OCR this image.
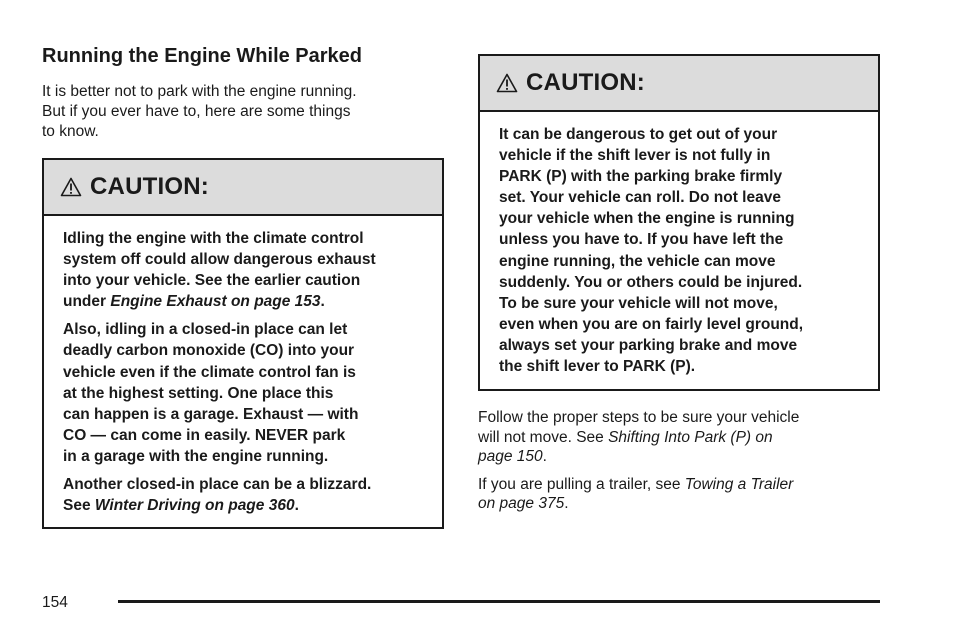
Running the Engine While Parked
It is better not to park with the engine running.
But if you ever have to, here are some things
to know.
CAUTION:

Idling the engine with the climate control
system off could allow dangerous exhaust
into your vehicle. See the earlier caution
under Engine Exhaust on page 153.

Also, idling in a closed-in place can let
deadly carbon monoxide (CO) into your
vehicle even if the climate control fan is
at the highest setting. One place this
can happen is a garage. Exhaust — with
CO — can come in easily. NEVER park
in a garage with the engine running.

Another closed-in place can be a blizzard.
See Winter Driving on page 360.

CAUTION:

It can be dangerous to get out of your
vehicle if the shift lever is not fully in
PARK (P) with the parking brake firmly
set. Your vehicle can roll. Do not leave
your vehicle when the engine is running
unless you have to. If you have left the
engine running, the vehicle can move
suddenly. You or others could be injured.
To be sure your vehicle will not move,
even when you are on fairly level ground,
always set your parking brake and move
the shift lever to PARK (P).

Follow the proper steps to be sure your vehicle
will not move. See Shifting Into Park (P) on
page 150.

If you are pulling a trailer, see Towing a Trailer
on page 375.

154
